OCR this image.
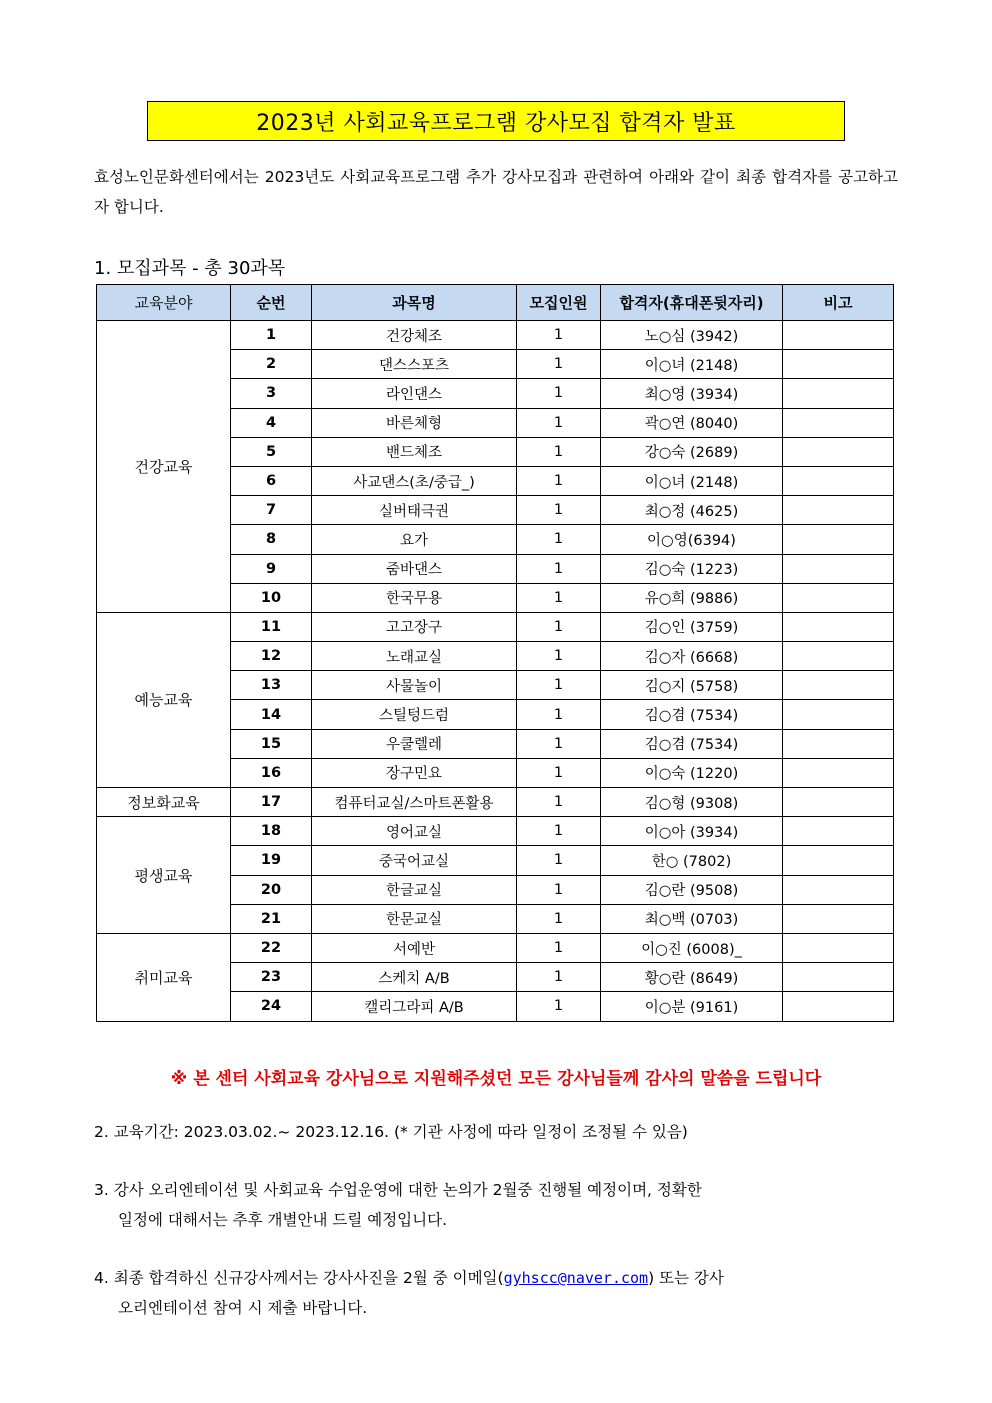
2023년 사회교육프로그램 강사모집 합격자 발표
효성노인문화센터에서는 2023년도 사회교육프로그램 추가 강사모집과 관련하여 아래와 같이 최종 합격자를 공고하고자 합니다.
1. 모집과목 - 총 30과목
교육분야	순번	과목명	모집인원	합격자(휴대폰뒷자리)	비고
건강교육	1	건강체조	1	노○심 (3942)	
	2	댄스스포츠	1	이○녀 (2148)	
	3	라인댄스	1	최○영 (3934)	
	4	바른체형	1	곽○연 (8040)	
	5	밴드체조	1	강○숙 (2689)	
	6	사교댄스(초/중급_)	1	이○녀 (2148)	
	7	실버태극권	1	최○정 (4625)	
	8	요가	1	이○영(6394)	
	9	줌바댄스	1	김○숙 (1223)	
	10	한국무용	1	유○희 (9886)	
예능교육	11	고고장구	1	김○인 (3759)	
	12	노래교실	1	김○자 (6668)	
	13	사물놀이	1	김○지 (5758)	
	14	스틸텅드럼	1	김○겸 (7534)	
	15	우쿨렐레	1	김○겸 (7534)	
	16	장구민요	1	이○숙 (1220)	
정보화교육	17	컴퓨터교실/스마트폰활용	1	김○형 (9308)	
평생교육	18	영어교실	1	이○아 (3934)	
	19	중국어교실	1	한○ (7802)	
	20	한글교실	1	김○란 (9508)	
	21	한문교실	1	최○백 (0703)	
취미교육	22	서예반	1	이○진 (6008)_	
	23	스케치 A/B	1	황○란 (8649)	
	24	캘리그라피 A/B	1	이○분 (9161)	
※ 본 센터 사회교육 강사님으로 지원해주셨던 모든 강사님들께 감사의 말씀을 드립니다
2. 교육기간: 2023.03.02.~ 2023.12.16. (* 기관 사정에 따라 일정이 조정될 수 있음)
3. 강사 오리엔테이션 및 사회교육 수업운영에 대한 논의가 2월중 진행될 예정이며, 정확한
일정에 대해서는 추후 개별안내 드릴 예정입니다.
4. 최종 합격하신 신규강사께서는 강사사진을 2월 중 이메일(gyhscc@naver.com) 또는 강사
오리엔테이션 참여 시 제출 바랍니다.
